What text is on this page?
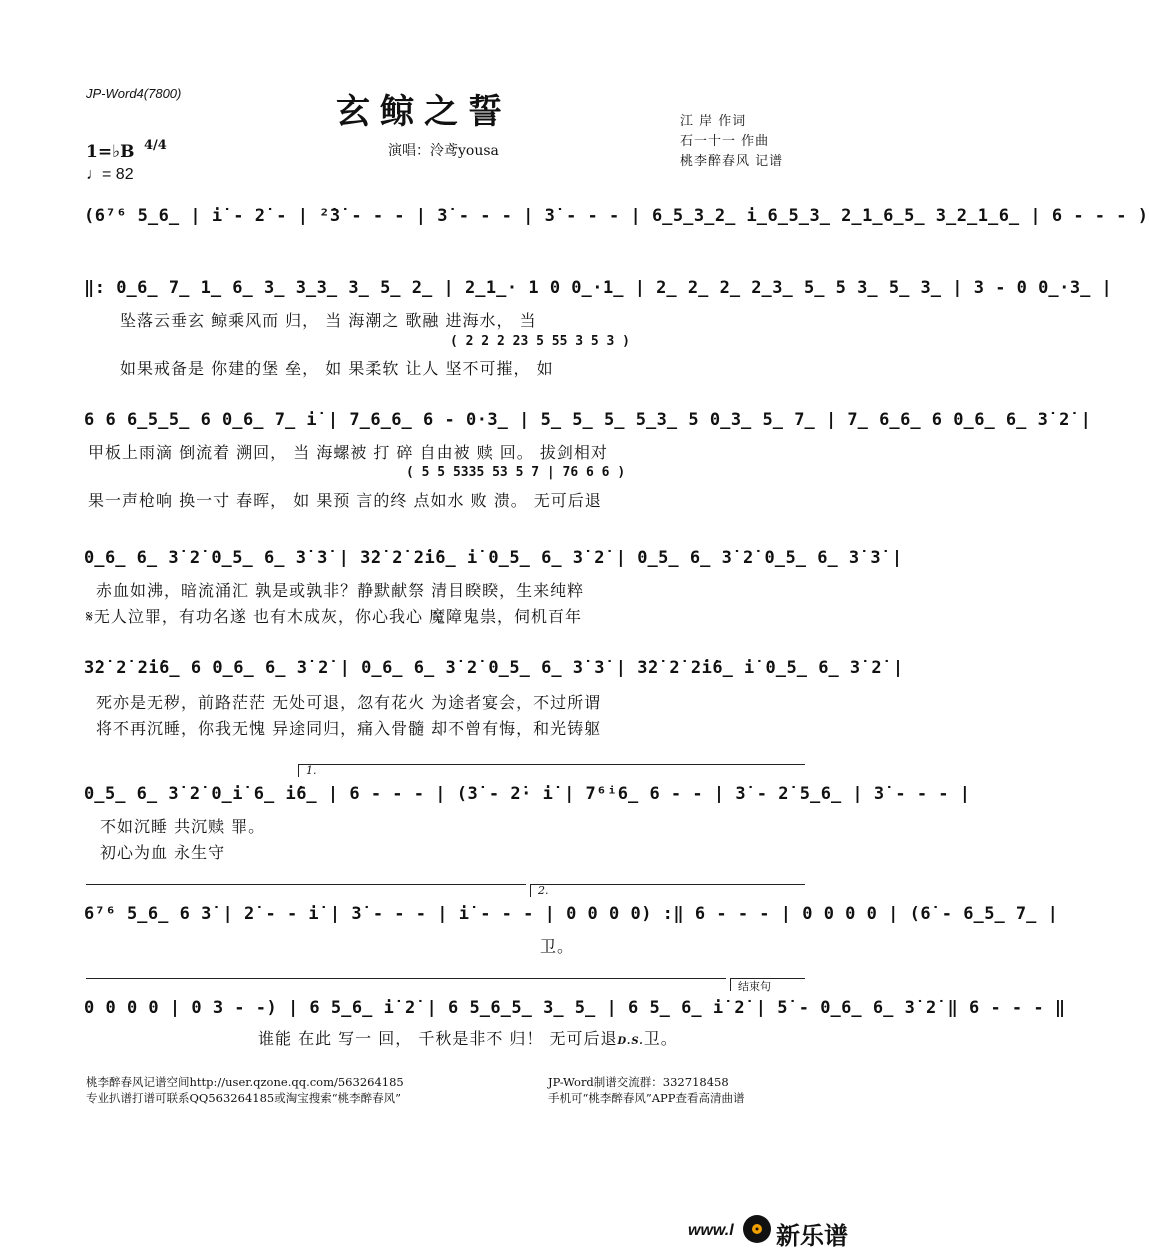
JP-Word4(7800)	玄鲸之誓
演唱：泠鸢yousa
1=♭B 4/4
♩= 82
江 岸 作词
石一十一 作曲
桃李醉春风 记谱
(6⁷⁶ 5̲6̲ | i̇ - 2̇ - | ²̇3̇ - - - | 3̇ - - - | 3̇ - - - | 6̲5̲3̲2̲ i̲6̲5̲3̲ 2̲1̲6̲5̲ 3̲2̲1̲6̲ | 6 - - - )
‖: 0̲6̲ 7̲ 1̲ 6̲ 3̲ 3̲3̲ 3̲ 5̲ 2̲ | 2̲1̲· 1 0 0̲·1̲ | 2̲ 2̲ 2̲ 2̲3̲ 5̲ 5 3̲ 5̲ 3̲ | 3 - 0 0̲·3̲ |
坠落云垂玄 鲸乘风而 归， 当 海潮之 歌融 进海水， 当
( 2 2 2 23 5 55 3 5 3 )
如果戒备是 你建的堡 垒， 如 果柔软 让人 坚不可摧， 如
6 6 6̲5̲5̲ 6 0̲6̲ 7̲ i̇ | 7̲6̲6̲ 6 - 0·3̲ | 5̲ 5̲ 5̲ 5̲3̲ 5 0̲3̲ 5̲ 7̲ | 7̲ 6̲6̲ 6 0̲6̲ 6̲ 3̇ 2̇ |
甲板上雨滴 倒流着 溯回， 当 海螺被 打 碎 自由被 赎 回。 拔剑相对
( 5 5 5335 53 5 7 | 76 6 6 )
果一声枪响 换一寸 春晖， 如 果预 言的终 点如水 败 溃。 无可后退
0̲6̲ 6̲ 3̇ 2̇ 0̲5̲ 6̲ 3̇ 3̇ | 3̇2̇ 2̇ 2̇i̇6̲ i̇ 0̲5̲ 6̲ 3̇ 2̇ | 0̲5̲ 6̲ 3̇ 2̇ 0̲5̲ 6̲ 3̇ 3̇ |
赤血如沸，暗流涌汇 孰是或孰非？静默献祭 清目睽睽，生来纯粹
𝄋无人泣罪，有功名遂 也有木成灰，你心我心 魔障鬼祟，伺机百年
3̇2̇ 2̇ 2̇i̇6̲ 6 0̲6̲ 6̲ 3̇ 2̇ | 0̲6̲ 6̲ 3̇ 2̇ 0̲5̲ 6̲ 3̇ 3̇ | 3̇2̇ 2̇ 2̇i̇6̲ i̇ 0̲5̲ 6̲ 3̇ 2̇ |
死亦是无秽，前路茫茫 无处可退，忽有花火 为途者宴会，不过所谓
将不再沉睡，你我无愧 异途同归，痛入骨髓 却不曾有悔，和光铸躯
1.
0̲5̲ 6̲ 3̇ 2̇ 0̲i̇ 6̲ i̇6̲ | 6 - - - | (3̇ - 2̇· i̇ | 7⁶ⁱ6̲ 6 - - | 3̇ - 2̇ 5̲6̲ | 3̇ - - - |
不如沉睡 共沉赎 罪。
初心为血 永生守
2.
6⁷⁶ 5̲6̲ 6 3̇ | 2̇ - - i̇ | 3̇ - - - | i̇ - - - | 0 0 0 0) :‖ 6 - - - | 0 0 0 0 | (6̇ - 6̲5̲ 7̲ |
卫。
结束句
0 0 0 0 | 0 3 - -) | 6 5̲6̲ i̇ 2̇ | 6 5̲6̲5̲ 3̲ 5̲ | 6 5̲ 6̲ i̇ 2̇ | 5̇ - 0̲6̲ 6̲ 3̇ 2̇ ‖ 6 - - - ‖
谁能 在此 写一 回， 千秋是非不 归！ 无可后退D.S.卫。
桃李醉春风记谱空间http://user.qzone.qq.com/563264185
专业扒谱打谱可联系QQ563264185或淘宝搜索“桃李醉春风”
JP-Word制谱交流群：332718458
手机可“桃李醉春风”APP查看高清曲谱
www.l 新乐谱
